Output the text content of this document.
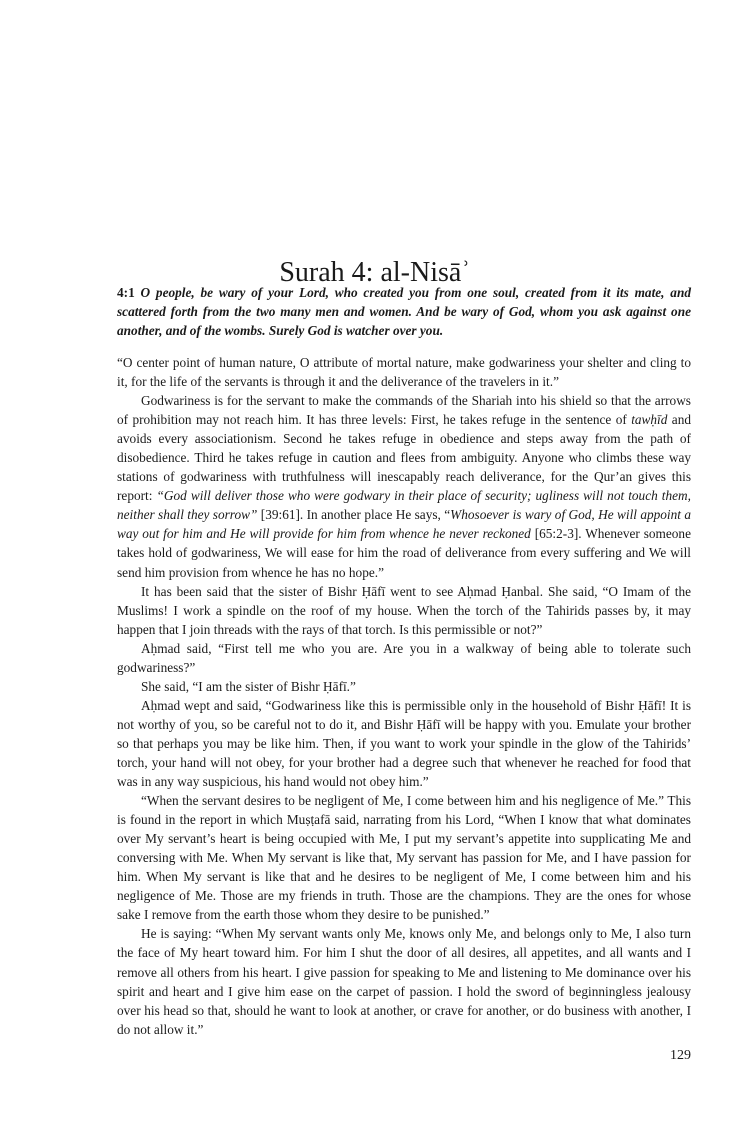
Surah 4: al-Nisāʾ

4:1 O people, be wary of your Lord, who created you from one soul, created from it its mate, and scattered forth from the two many men and women. And be wary of God, whom you ask against one another, and of the wombs. Surely God is watcher over you.

“O center point of human nature, O attribute of mortal nature, make godwariness your shelter and cling to it, for the life of the servants is through it and the deliverance of the travelers in it.”

Godwariness is for the servant to make the commands of the Shariah into his shield so that the arrows of prohibition may not reach him. It has three levels: First, he takes refuge in the sentence of tawḥīd and avoids every associationism. Second he takes refuge in obedience and steps away from the path of disobedience. Third he takes refuge in caution and flees from ambiguity. Anyone who climbs these way stations of godwariness with truthfulness will inescapably reach deliverance, for the Qur’an gives this report: “God will deliver those who were godwary in their place of security; ugliness will not touch them, neither shall they sorrow” [39:61]. In another place He says, “Whosoever is wary of God, He will appoint a way out for him and He will provide for him from whence he never reckoned [65:2-3]. Whenever someone takes hold of godwariness, We will ease for him the road of deliverance from every suffering and We will send him provision from whence he has no hope.”

It has been said that the sister of Bishr Ḥāfī went to see Aḥmad Ḥanbal. She said, “O Imam of the Muslims! I work a spindle on the roof of my house. When the torch of the Tahirids passes by, it may happen that I join threads with the rays of that torch. Is this permissible or not?”

Aḥmad said, “First tell me who you are. Are you in a walkway of being able to tolerate such godwariness?”

She said, “I am the sister of Bishr Ḥāfī.”

Aḥmad wept and said, “Godwariness like this is permissible only in the household of Bishr Ḥāfī! It is not worthy of you, so be careful not to do it, and Bishr Ḥāfī will be happy with you. Emulate your brother so that perhaps you may be like him. Then, if you want to work your spindle in the glow of the Tahirids’ torch, your hand will not obey, for your brother had a degree such that whenever he reached for food that was in any way suspicious, his hand would not obey him.”

“When the servant desires to be negligent of Me, I come between him and his negligence of Me.” This is found in the report in which Muṣṭafā said, narrating from his Lord, “When I know that what dominates over My servant’s heart is being occupied with Me, I put my servant’s appetite into supplicating Me and conversing with Me. When My servant is like that, My servant has passion for Me, and I have passion for him. When My servant is like that and he desires to be negligent of Me, I come between him and his negligence of Me. Those are my friends in truth. Those are the champions. They are the ones for whose sake I remove from the earth those whom they desire to be punished.”

He is saying: “When My servant wants only Me, knows only Me, and belongs only to Me, I also turn the face of My heart toward him. For him I shut the door of all desires, all appetites, and all wants and I remove all others from his heart. I give passion for speaking to Me and listening to Me dominance over his spirit and heart and I give him ease on the carpet of passion. I hold the sword of beginningless jealousy over his head so that, should he want to look at another, or crave for another, or do business with another, I do not allow it.”

129
